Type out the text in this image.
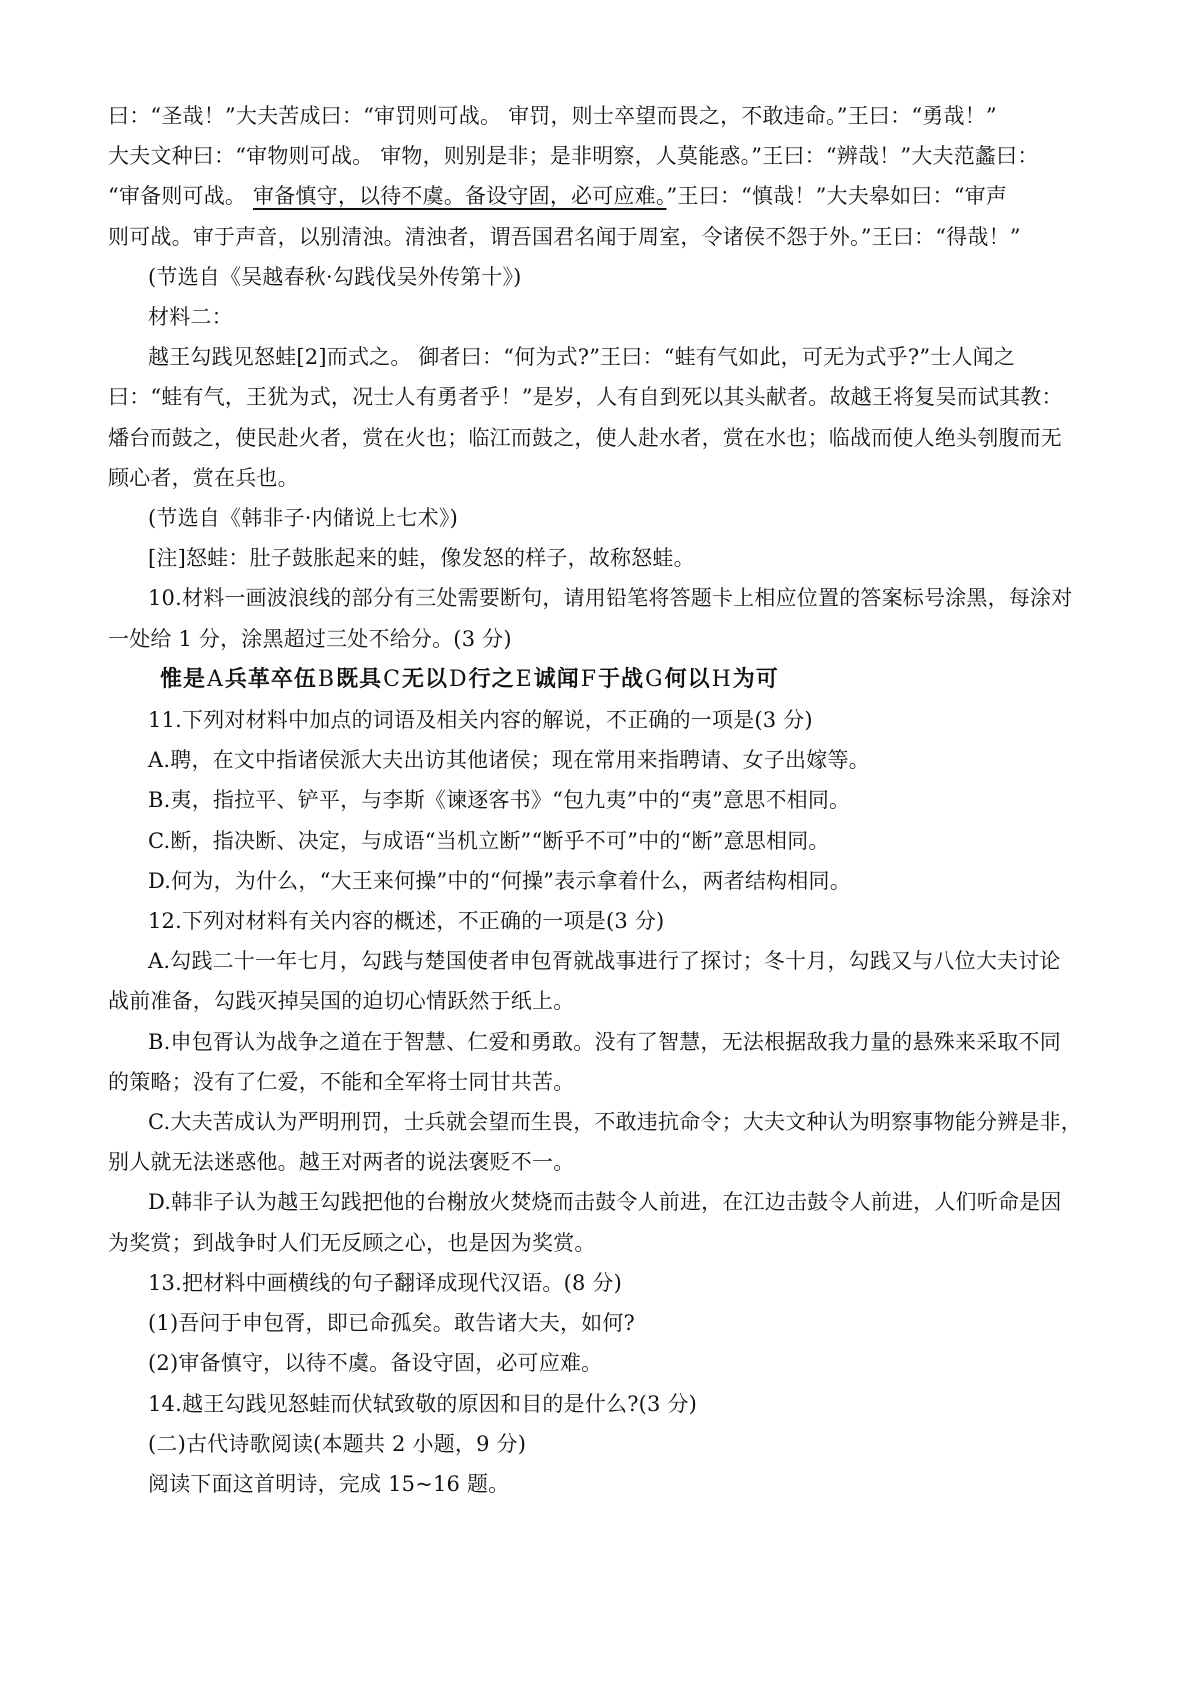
曰：“圣哉！”大夫苦成曰：“审罚则可战。 审罚，则士卒望而畏之，不敢违命。”王曰：“勇哉！”
大夫文种曰：“审物则可战。 审物，则别是非；是非明察，人莫能惑。”王曰：“辨哉！”大夫范蠡曰：
“审备则可战。 审备慎守，以待不虞。备设守固，必可应难。”王曰：“慎哉！”大夫皋如曰：“审声
则可战。审于声音，以别清浊。清浊者，谓吾国君名闻于周室，令诸侯不怨于外。”王曰：“得哉！”
(节选自《吴越春秋·勾践伐吴外传第十》)
材料二：
越王勾践见怒蛙[2]而式之。 御者曰：“何为式?”王曰：“蛙有气如此，可无为式乎?”士人闻之
曰：“蛙有气，王犹为式，况士人有勇者乎！”是岁，人有自到死以其头献者。故越王将复吴而试其教：
燔台而鼓之，使民赴火者，赏在火也；临江而鼓之，使人赴水者，赏在水也；临战而使人绝头刳腹而无
顾心者，赏在兵也。
(节选自《韩非子·内储说上七术》)
[注]怒蛙：肚子鼓胀起来的蛙，像发怒的样子，故称怒蛙。
10.材料一画波浪线的部分有三处需要断句，请用铅笔将答题卡上相应位置的答案标号涂黑，每涂对
一处给 1 分，涂黑超过三处不给分。(3 分)
惟是A兵革卒伍B既具C无以D行之E诚闻F于战G何以H为可
11.下列对材料中加点的词语及相关内容的解说，不正确的一项是(3 分)
A.聘，在文中指诸侯派大夫出访其他诸侯；现在常用来指聘请、女子出嫁等。
B.夷，指拉平、铲平，与李斯《谏逐客书》“包九夷”中的“夷”意思不相同。
C.断，指决断、决定，与成语“当机立断”“断乎不可”中的“断”意思相同。
D.何为，为什么，“大王来何操”中的“何操”表示拿着什么，两者结构相同。
12.下列对材料有关内容的概述，不正确的一项是(3 分)
A.勾践二十一年七月，勾践与楚国使者申包胥就战事进行了探讨；冬十月，勾践又与八位大夫讨论
战前准备，勾践灭掉吴国的迫切心情跃然于纸上。
B.申包胥认为战争之道在于智慧、仁爱和勇敢。没有了智慧，无法根据敌我力量的悬殊来采取不同
的策略；没有了仁爱，不能和全军将士同甘共苦。
C.大夫苦成认为严明刑罚，士兵就会望而生畏，不敢违抗命令；大夫文种认为明察事物能分辨是非，
别人就无法迷惑他。越王对两者的说法褒贬不一。
D.韩非子认为越王勾践把他的台榭放火焚烧而击鼓令人前进，在江边击鼓令人前进，人们听命是因
为奖赏；到战争时人们无反顾之心，也是因为奖赏。
13.把材料中画横线的句子翻译成现代汉语。(8 分)
(1)吾问于申包胥，即已命孤矣。敢告诸大夫，如何?
(2)审备慎守，以待不虞。备设守固，必可应难。
14.越王勾践见怒蛙而伏轼致敬的原因和目的是什么?(3 分)
(二)古代诗歌阅读(本题共 2 小题，9 分)
阅读下面这首明诗，完成 15~16 题。
